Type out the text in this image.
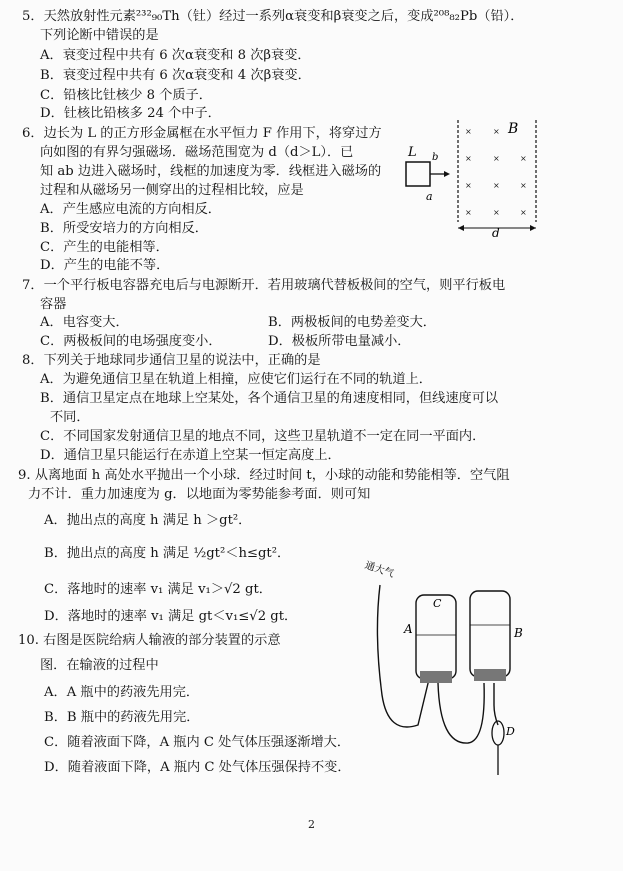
5．天然放射性元素²³²₉₀Th（钍）经过一系列α衰变和β衰变之后，变成²⁰⁸₈₂Pb（铅）．
下列论断中错误的是
A．衰变过程中共有 6 次α衰变和 8 次β衰变．
B．衰变过程中共有 6 次α衰变和 4 次β衰变．
C．铅核比钍核少 8 个质子．
D．钍核比铅核多 24 个中子．
6．边长为 L 的正方形金属框在水平恒力 F 作用下，将穿过方
向如图的有界匀强磁场．磁场范围宽为 d（d＞L）．已
知 ab 边进入磁场时，线框的加速度为零．线框进入磁场的
过程和从磁场另一侧穿出的过程相比较，应是
A．产生感应电流的方向相反．
B．所受安培力的方向相反．
C．产生的电能相等．
D．产生的电能不等．
7．一个平行板电容器充电后与电源断开．若用玻璃代替板极间的空气，则平行板电
容器
A．电容变大．	B．两极板间的电势差变大．
C．两极板间的电场强度变小．	D．极板所带电量减小．
8．下列关于地球同步通信卫星的说法中，正确的是
A．为避免通信卫星在轨道上相撞，应使它们运行在不同的轨道上．
B．通信卫星定点在地球上空某处，各个通信卫星的角速度相同，但线速度可以
不同．
C．不同国家发射通信卫星的地点不同，这些卫星轨道不一定在同一平面内．
D．通信卫星只能运行在赤道上空某一恒定高度上．
9. 从离地面 h 高处水平抛出一个小球．经过时间 t，小球的动能和势能相等．空气阻
力不计．重力加速度为 g．以地面为零势能参考面．则可知
A．抛出点的高度 h 满足 h ＞gt²．
B．抛出点的高度 h 满足 ½gt²＜h≤gt²．
C．落地时的速率 v₁ 满足 v₁＞√2 gt．
D．落地时的速率 v₁ 满足 gt＜v₁≤√2 gt．
10. 右图是医院给病人输液的部分装置的示意
图．在输液的过程中
A．A 瓶中的药液先用完．
B．B 瓶中的药液先用完．
C．随着液面下降，A 瓶内 C 处气体压强逐渐增大．
D．随着液面下降，A 瓶内 C 处气体压强保持不变．
L b
a
B
×	×
×	×	×
×	×	×
×	×	×
d
通大气
C
A	B
D
2
